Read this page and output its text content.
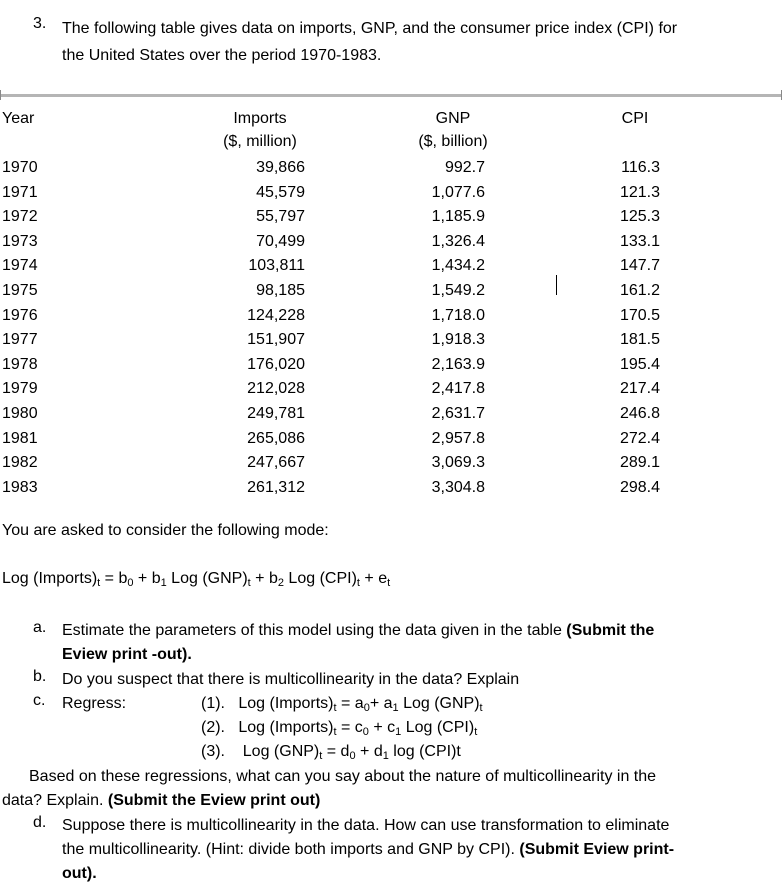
3. The following table gives data on imports, GNP, and the consumer price index (CPI) for
the United States over the period 1970-1983.
Year	Imports
($, million)
GNP
($, billion)
CPI
1970
1971
1972
1973
1974
1975
1976
1977
1978
1979
1980
1981
1982
1983
39,866
45,579
55,797
70,499
103,811
98,185
124,228
151,907
176,020
212,028
249,781
265,086
247,667
261,312
992.7
1,077.6
1,185.9
1,326.4
1,434.2
1,549.2
1,718.0
1,918.3
2,163.9
2,417.8
2,631.7
2,957.8
3,069.3
3,304.8
116.3
121.3
125.3
133.1
147.7
161.2
170.5
181.5
195.4
217.4
246.8
272.4
289.1
298.4
You are asked to consider the following mode:
Log $(Imports)_t = b_0 + b_1$ Log $(GNP)_t + b_2$ Log $(CPI)_t + e_t$
a. Estimate the parameters of this model using the data given in the table (Submit the
Eview print -out).
b. Do you suspect that there is multicollinearity in the data? Explain
c. Regress:	(1). Log $(Imports)_t = a_0+ a_1$ Log $(GNP)_t$
(2). Log $(Imports)_t = c_0 + c_1$ Log $(CPI)_t$
(3). Log $(GNP)_t = d_0 + d_1$ log (CPI)t
Based on these regressions, what can you say about the nature of multicollinearity in the
data? Explain. (Submit the Eview print out)
d. Suppose there is multicollinearity in the data. How can use transformation to eliminate
the multicollinearity. (Hint: divide both imports and GNP by CPI). (Submit Eview print-
out).
